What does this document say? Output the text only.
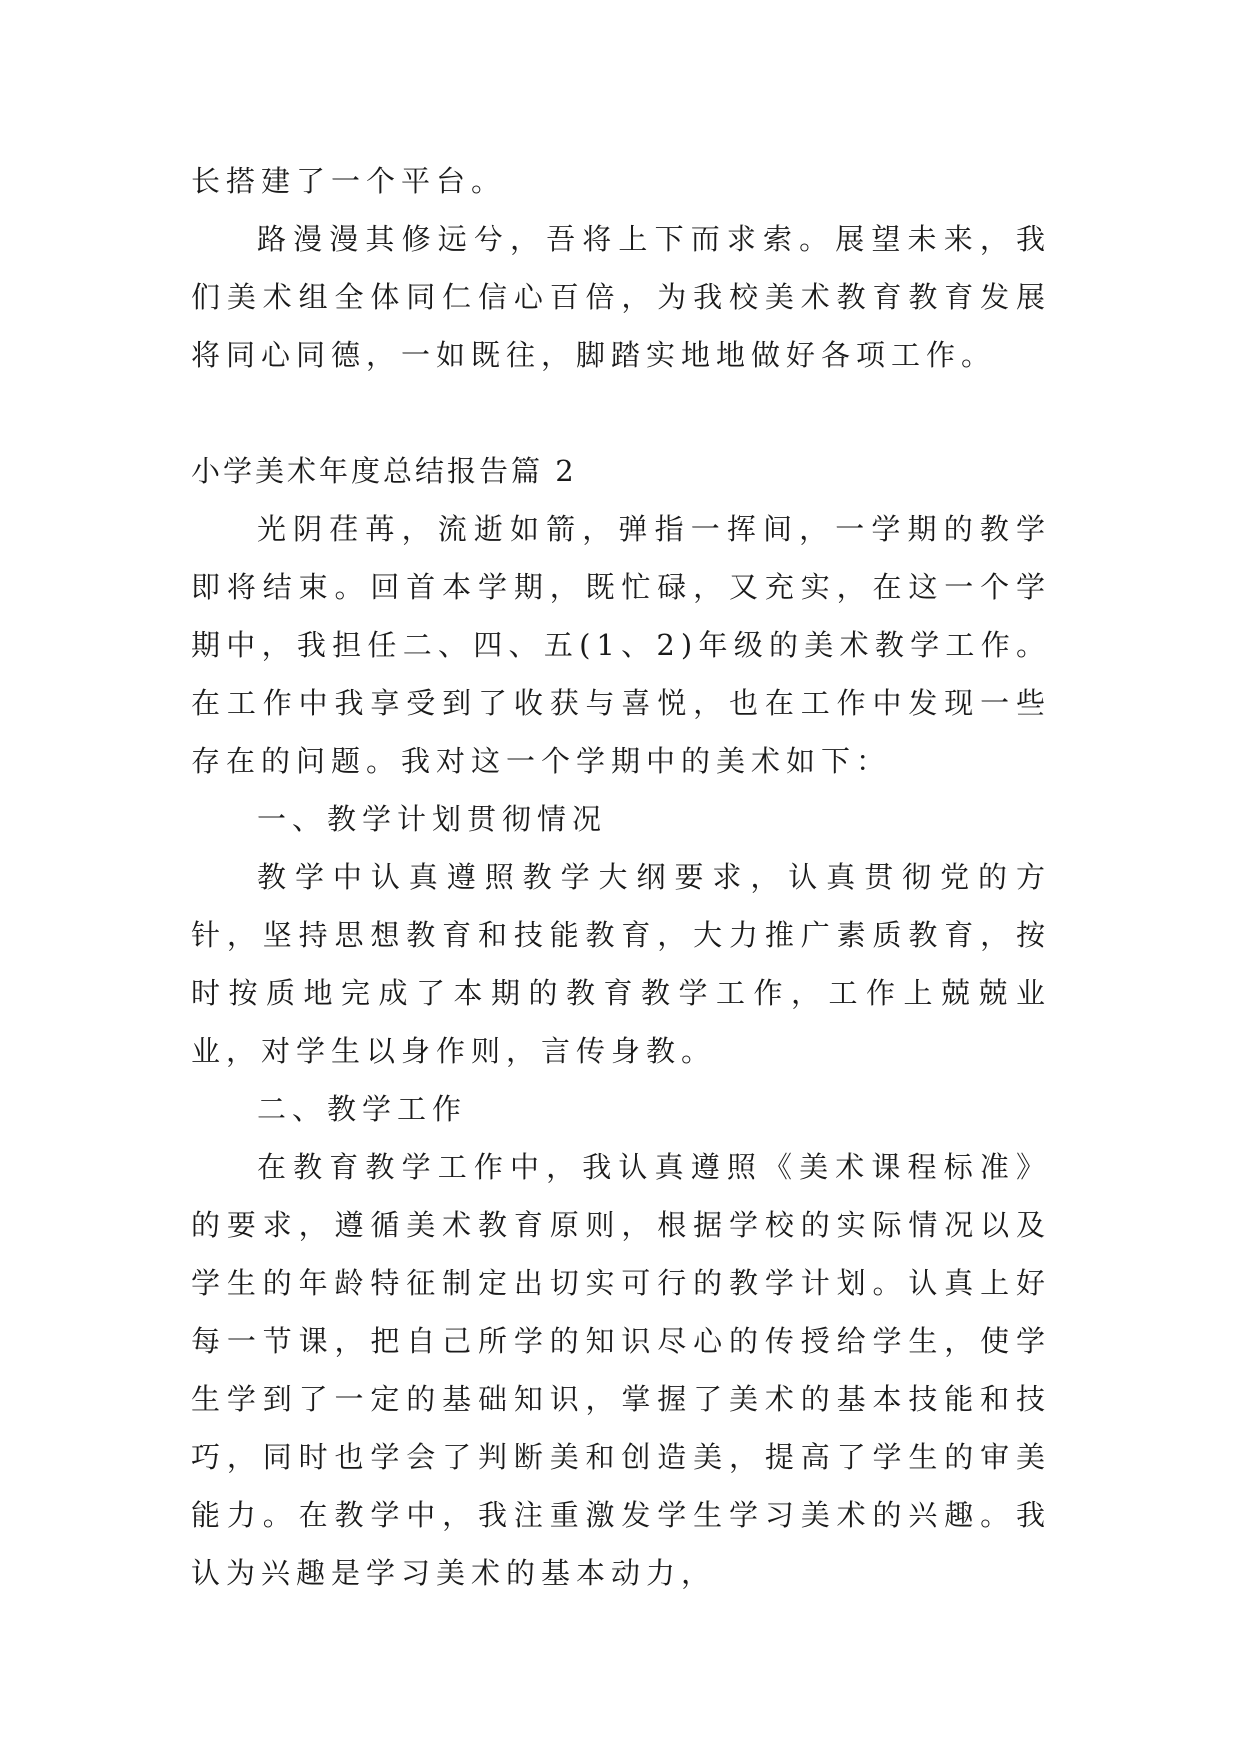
长搭建了一个平台。

路漫漫其修远兮，吾将上下而求索。展望未来，我们美术组全体同仁信心百倍，为我校美术教育教育发展将同心同德，一如既往，脚踏实地地做好各项工作。

小学美术年度总结报告篇 2

光阴荏苒，流逝如箭，弹指一挥间，一学期的教学即将结束。回首本学期，既忙碌，又充实，在这一个学期中，我担任二、四、五(1、2)年级的美术教学工作。在工作中我享受到了收获与喜悦，也在工作中发现一些存在的问题。我对这一个学期中的美术如下：

一、教学计划贯彻情况

教学中认真遵照教学大纲要求，认真贯彻党的方针，坚持思想教育和技能教育，大力推广素质教育，按时按质地完成了本期的教育教学工作，工作上兢兢业业，对学生以身作则，言传身教。

二、教学工作

在教育教学工作中，我认真遵照《美术课程标准》的要求，遵循美术教育原则，根据学校的实际情况以及学生的年龄特征制定出切实可行的教学计划。认真上好每一节课，把自己所学的知识尽心的传授给学生，使学生学到了一定的基础知识，掌握了美术的基本技能和技巧，同时也学会了判断美和创造美，提高了学生的审美能力。在教学中，我注重激发学生学习美术的兴趣。我认为兴趣是学习美术的基本动力，
